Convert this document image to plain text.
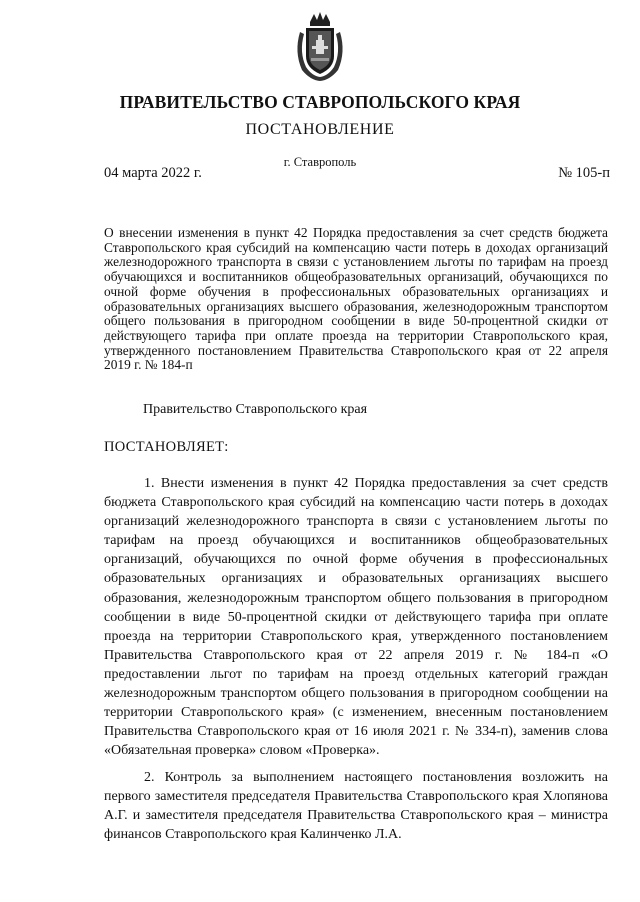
ПРАВИТЕЛЬСТВО СТАВРОПОЛЬСКОГО КРАЯ
ПОСТАНОВЛЕНИЕ
г. Ставрополь
04 марта 2022 г.	№ 105-п
О внесении изменения в пункт 42 Порядка предоставления за счет средств бюджета Ставропольского края субсидий на компенсацию части потерь в доходах организаций железнодорожного транспорта в связи с установлением льготы по тарифам на проезд обучающихся и воспитанников общеобразовательных организаций, обучающихся по очной форме обучения в профессиональных образовательных организациях и образовательных организациях высшего образования, железнодорожным транспортом общего пользования в пригородном сообщении в виде 50-процентной скидки от действующего тарифа при оплате проезда на территории Ставропольского края, утвержденного постановлением Правительства Ставропольского края от 22 апреля 2019 г. № 184-п
Правительство Ставропольского края
ПОСТАНОВЛЯЕТ:

1. Внести изменения в пункт 42 Порядка предоставления за счет средств бюджета Ставропольского края субсидий на компенсацию части потерь в доходах организаций железнодорожного транспорта в связи с установлением льготы по тарифам на проезд обучающихся и воспитанников общеобразовательных организаций, обучающихся по очной форме обучения в профессиональных образовательных организациях и образовательных организациях высшего образования, железнодорожным транспортом общего пользования в пригородном сообщении в виде 50-процентной скидки от действующего тарифа при оплате проезда на территории Ставропольского края, утвержденного постановлением Правительства Ставропольского края от 22 апреля 2019 г. № 184-п «О предоставлении льгот по тарифам на проезд отдельных категорий граждан железнодорожным транспортом общего пользования в пригородном сообщении на территории Ставропольского края» (с изменением, внесенным постановлением Правительства Ставропольского края от 16 июля 2021 г. № 334-п), заменив слова «Обязательная проверка» словом «Проверка».

2. Контроль за выполнением настоящего постановления возложить на первого заместителя председателя Правительства Ставропольского края Хлопянова А.Г. и заместителя председателя Правительства Ставропольского края – министра финансов Ставропольского края Калинченко Л.А.
